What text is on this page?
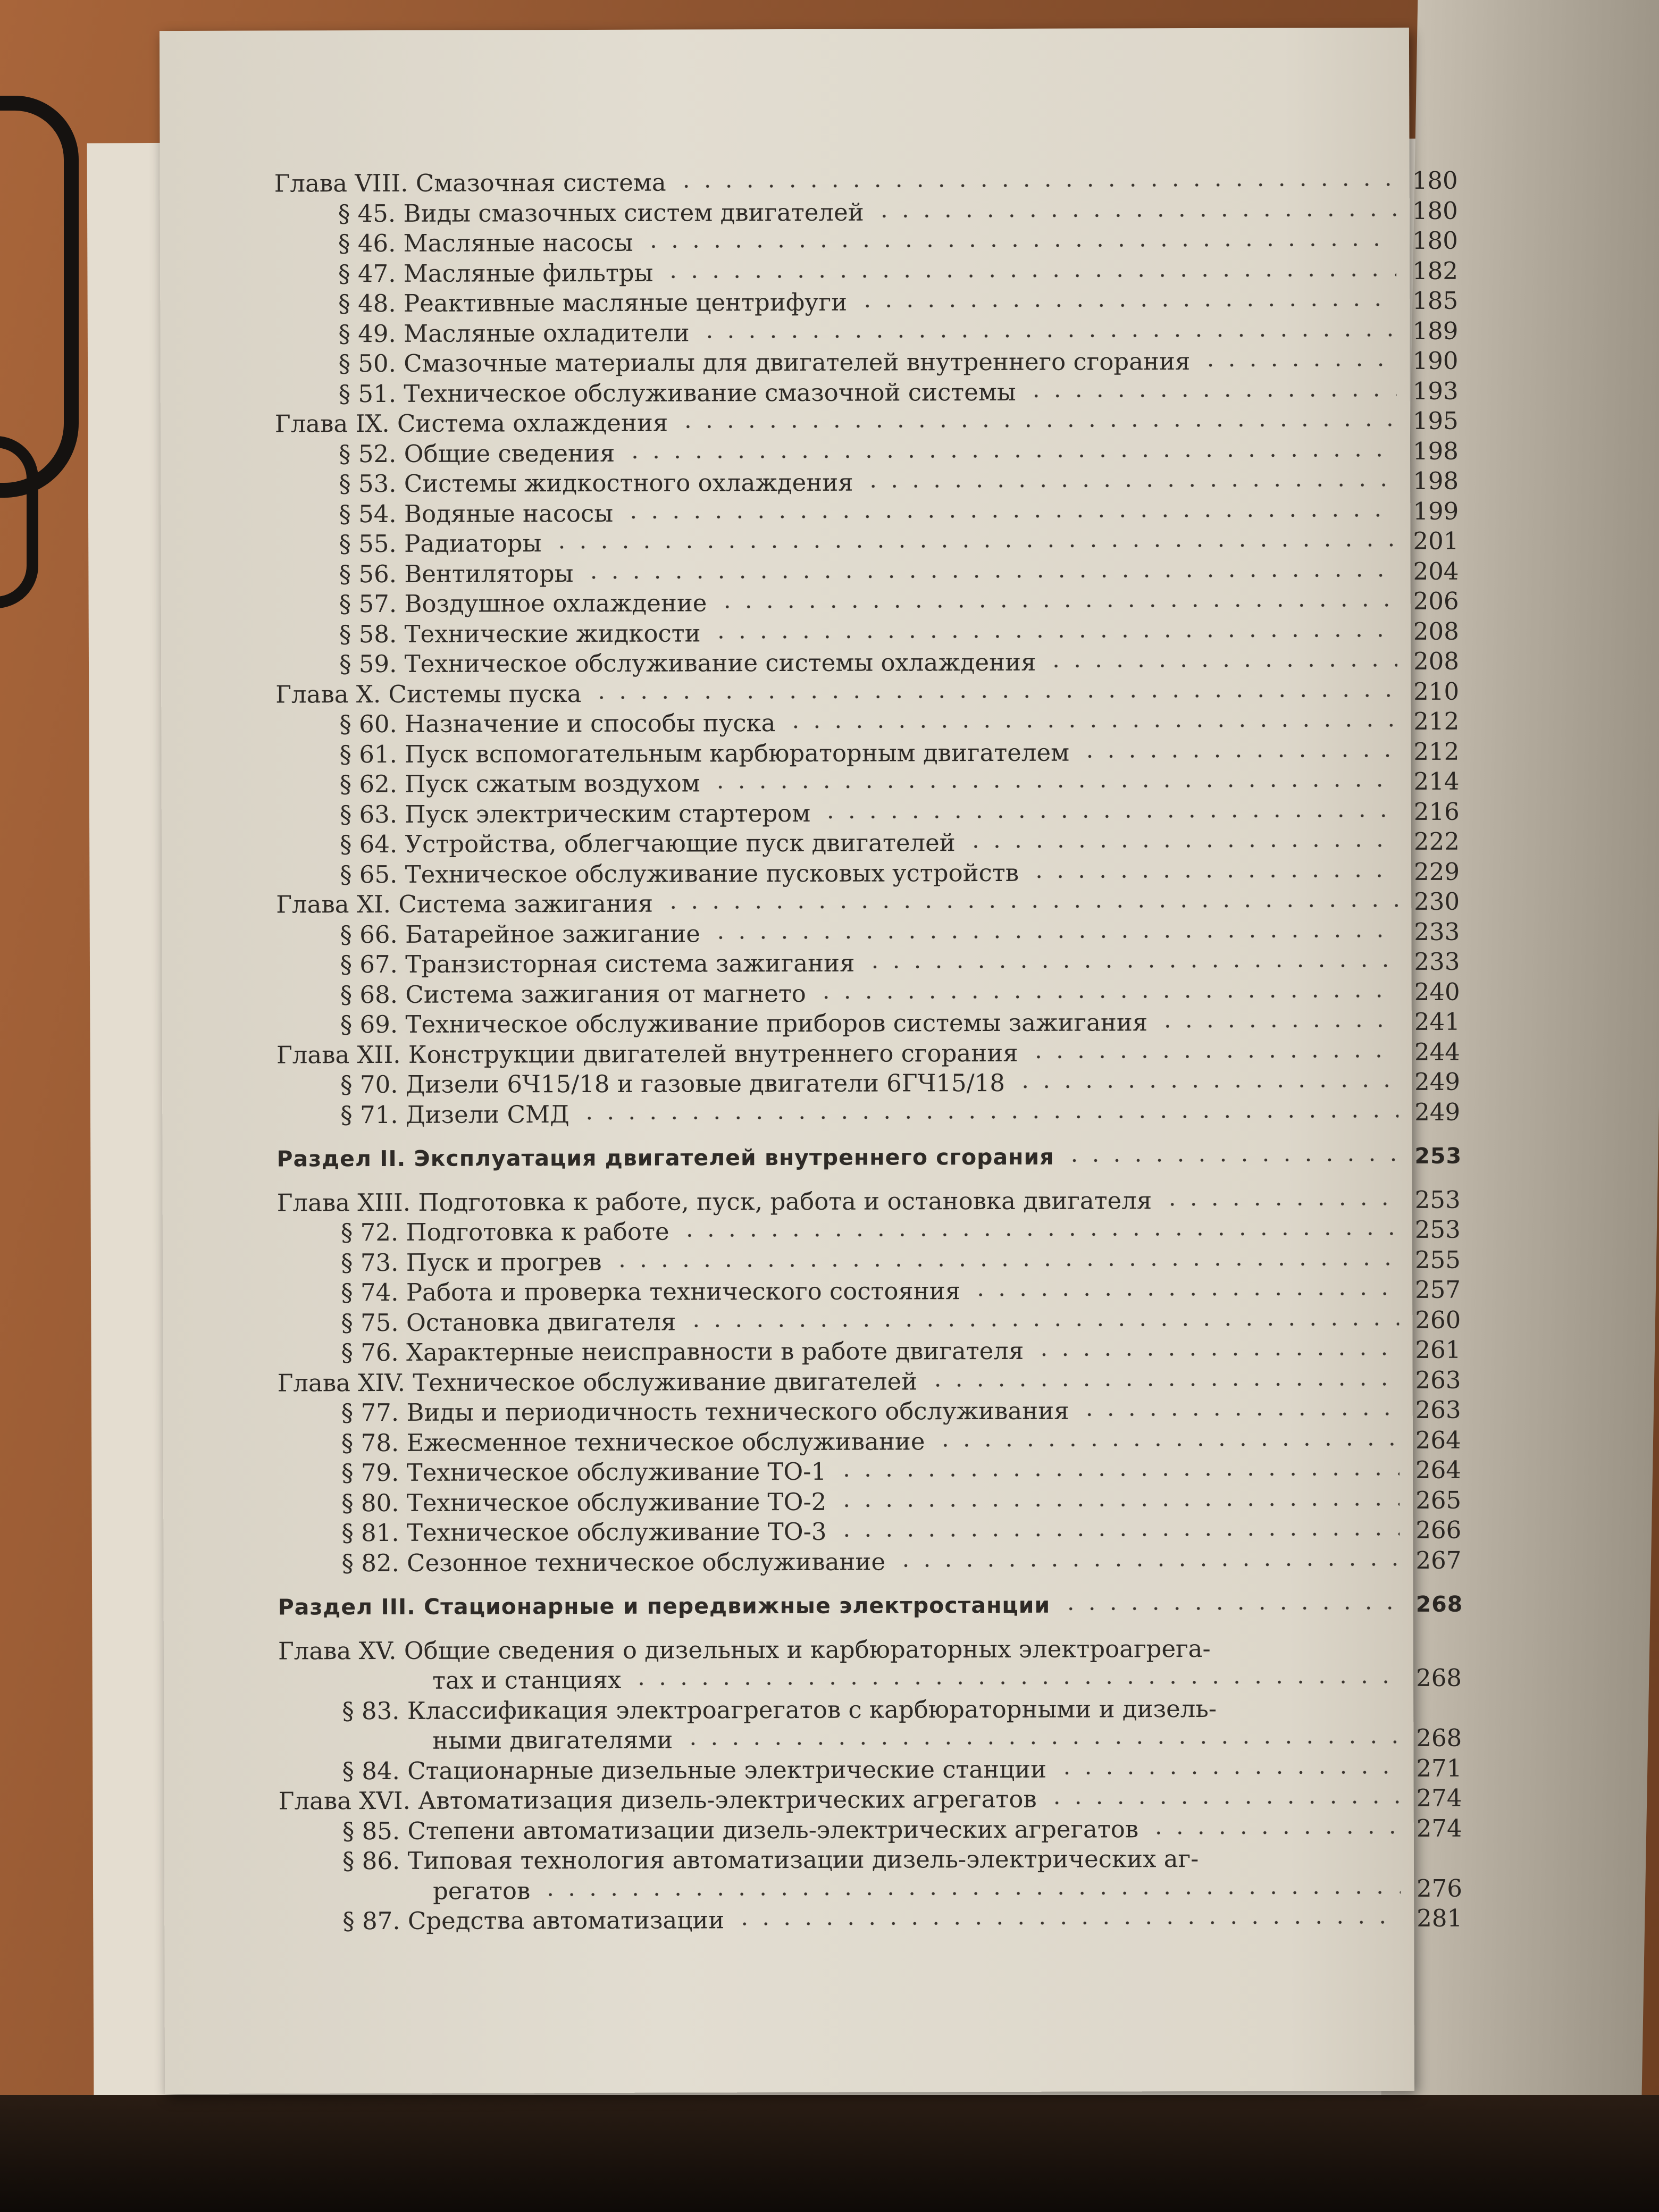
Глава VIII. Смазочная система	180
§ 45. Виды смазочных систем двигателей	180
§ 46. Масляные насосы	180
§ 47. Масляные фильтры	182
§ 48. Реактивные масляные центрифуги	185
§ 49. Масляные охладители	189
§ 50. Смазочные материалы для двигателей внутреннего сгорания	190
§ 51. Техническое обслуживание смазочной системы	193
Глава IX. Система охлаждения	195
§ 52. Общие сведения	198
§ 53. Системы жидкостного охлаждения	198
§ 54. Водяные насосы	199
§ 55. Радиаторы	201
§ 56. Вентиляторы	204
§ 57. Воздушное охлаждение	206
§ 58. Технические жидкости	208
§ 59. Техническое обслуживание системы охлаждения	208
Глава X. Системы пуска	210
§ 60. Назначение и способы пуска	212
§ 61. Пуск вспомогательным карбюраторным двигателем	212
§ 62. Пуск сжатым воздухом	214
§ 63. Пуск электрическим стартером	216
§ 64. Устройства, облегчающие пуск двигателей	222
§ 65. Техническое обслуживание пусковых устройств	229
Глава XI. Система зажигания	230
§ 66. Батарейное зажигание	233
§ 67. Транзисторная система зажигания	233
§ 68. Система зажигания от магнето	240
§ 69. Техническое обслуживание приборов системы зажигания	241
Глава XII. Конструкции двигателей внутреннего сгорания	244
§ 70. Дизели 6Ч15/18 и газовые двигатели 6ГЧ15/18	249
§ 71. Дизели СМД	249
Раздел II. Эксплуатация двигателей внутреннего сгорания	253
Глава XIII. Подготовка к работе, пуск, работа и остановка двигателя	253
§ 72. Подготовка к работе	253
§ 73. Пуск и прогрев	255
§ 74. Работа и проверка технического состояния	257
§ 75. Остановка двигателя	260
§ 76. Характерные неисправности в работе двигателя	261
Глава XIV. Техническое обслуживание двигателей	263
§ 77. Виды и периодичность технического обслуживания	263
§ 78. Ежесменное техническое обслуживание	264
§ 79. Техническое обслуживание ТО-1	264
§ 80. Техническое обслуживание ТО-2	265
§ 81. Техническое обслуживание ТО-3	266
§ 82. Сезонное техническое обслуживание	267
Раздел III. Стационарные и передвижные электростанции	268
Глава XV. Общие сведения о дизельных и карбюраторных электроагрега-
тах и станциях	268
§ 83. Классификация электроагрегатов с карбюраторными и дизель-
ными двигателями	268
§ 84. Стационарные дизельные электрические станции	271
Глава XVI. Автоматизация дизель-электрических агрегатов	274
§ 85. Степени автоматизации дизель-электрических агрегатов	274
§ 86. Типовая технология автоматизации дизель-электрических аг-
регатов	276
§ 87. Средства автоматизации	281
